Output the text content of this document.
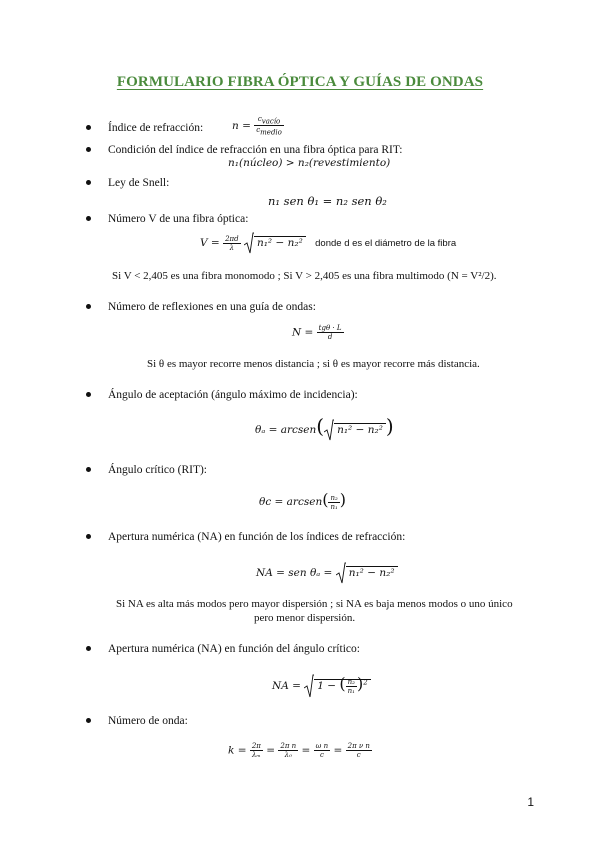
FORMULARIO FIBRA ÓPTICA Y GUÍAS DE ONDAS
Índice de refracción:	$n = \frac{c_{vacío}}{c_{medio}}$
Condición del índice de refracción en una fibra óptica para RIT:
n₁(núcleo) > n₂(revestimiento)
Ley de Snell:
n₁ sen θ₁ = n₂ sen θ₂
Número V de una fibra óptica:
$V = \frac{2\pi d}{\lambda} n_1^2 - n_2^2$ donde d es el diámetro de la fibra
Si V < 2,405 es una fibra monomodo ; Si V > 2,405 es una fibra multimodo (N = V²/2).
Número de reflexiones en una guía de ondas:
$N = \frac{\text{tgθ · L}}{d}$
Si θ es mayor recorre menos distancia ; si θ es mayor recorre más distancia.
Ángulo de aceptación (ángulo máximo de incidencia):
θₐ = arcsen( n₁² − n₂² )
Ángulo crítico (RIT):
θc = arcsen( $\frac{\text{n₂}}{\text{n₁}}$ )
Apertura numérica (NA) en función de los índices de refracción:
NA = sen θₐ = n₁² − n₂²
Si NA es alta más modos pero mayor dispersión ; si NA es baja menos modos o uno único
pero menor dispersión.
Apertura numérica (NA) en función del ángulo crítico:
NA = 1 − ( $\frac{\text{n₂}}{\text{n₁}} )^2$
Número de onda:
$k = \frac{2\pi}{\text{λₘ}} = \frac{\text{2π n}}{\text{λ₀}} = \frac{\text{ω n}}{c} = \frac{\text{2π ν n}}{c}$
1
